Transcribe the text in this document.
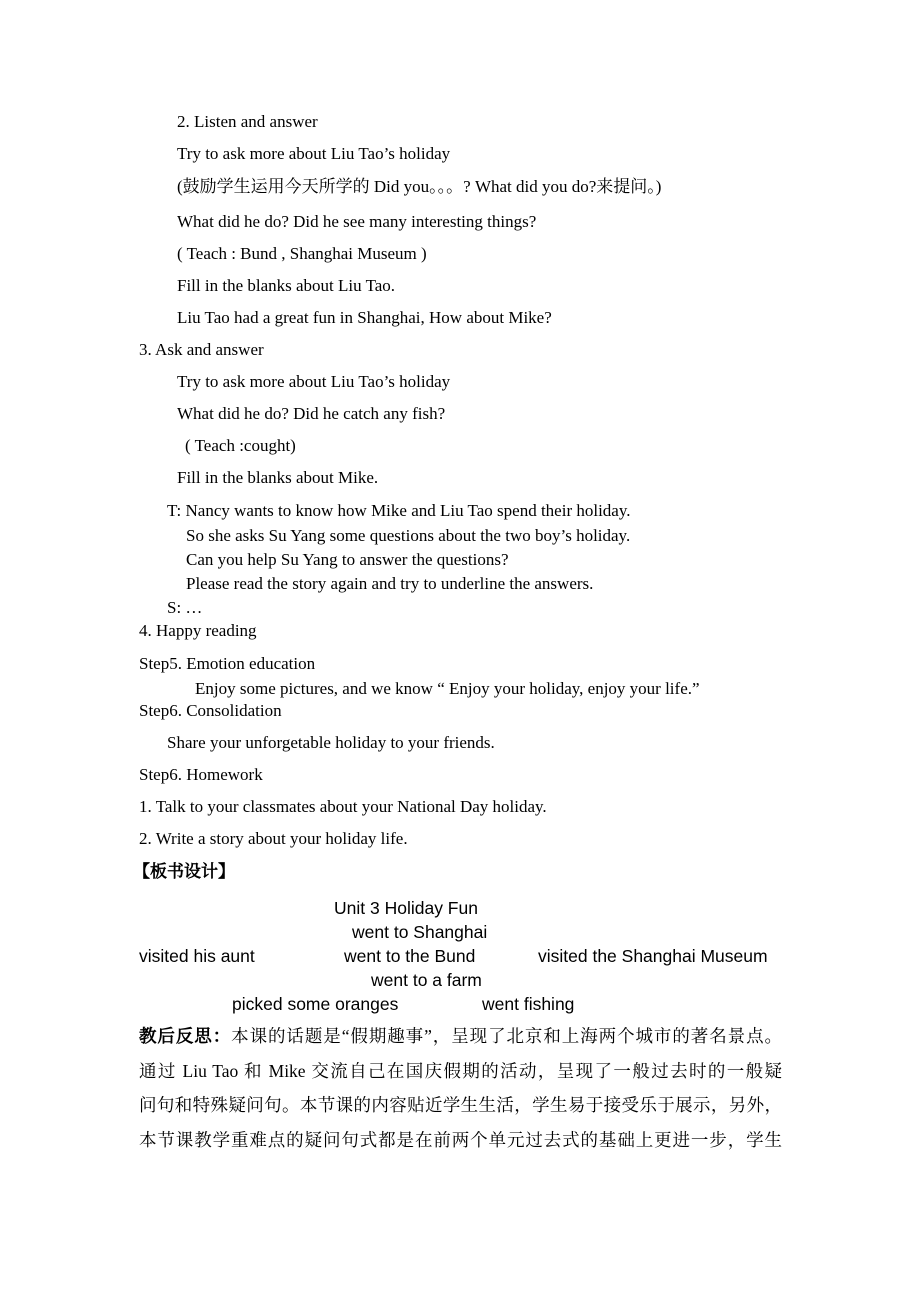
2. Listen and answer
Try to ask more about Liu Tao’s holiday
(鼓励学生运用今天所学的 Did you。。。? What did you do?来提问。)
What did he do? Did he see many interesting things?
( Teach : Bund , Shanghai Museum )
Fill in the blanks about Liu Tao.
Liu Tao had a great fun in Shanghai, How about Mike?
3. Ask and answer
Try to ask more about Liu Tao’s holiday
What did he do? Did he catch any fish?
( Teach :cought)
Fill in the blanks about Mike.
T: Nancy wants to know how Mike and Liu Tao spend their holiday.
So she asks Su Yang some questions about the two boy’s holiday.
Can you help Su Yang to answer the questions?
Please read the story again and try to underline the answers.
S: …
4. Happy reading
Step5. Emotion education
Enjoy some pictures, and we know “ Enjoy your holiday, enjoy your life.”
Step6. Consolidation
Share your unforgetable holiday to your friends.
Step6. Homework
1. Talk to your classmates about your National Day holiday.
2. Write a story about your holiday life.
【板书设计】
Unit 3 Holiday Fun
went to Shanghai
visited his aunt	went to the Bund	visited the Shanghai Museum
went to a farm
picked some oranges	went fishing
教后反思：本课的话题是“假期趣事”，呈现了北京和上海两个城市的著名景点。
通过 Liu Tao 和 Mike 交流自己在国庆假期的活动，呈现了一般过去时的一般疑
问句和特殊疑问句。本节课的内容贴近学生生活，学生易于接受乐于展示，另外，
本节课教学重难点的疑问句式都是在前两个单元过去式的基础上更进一步，学生
